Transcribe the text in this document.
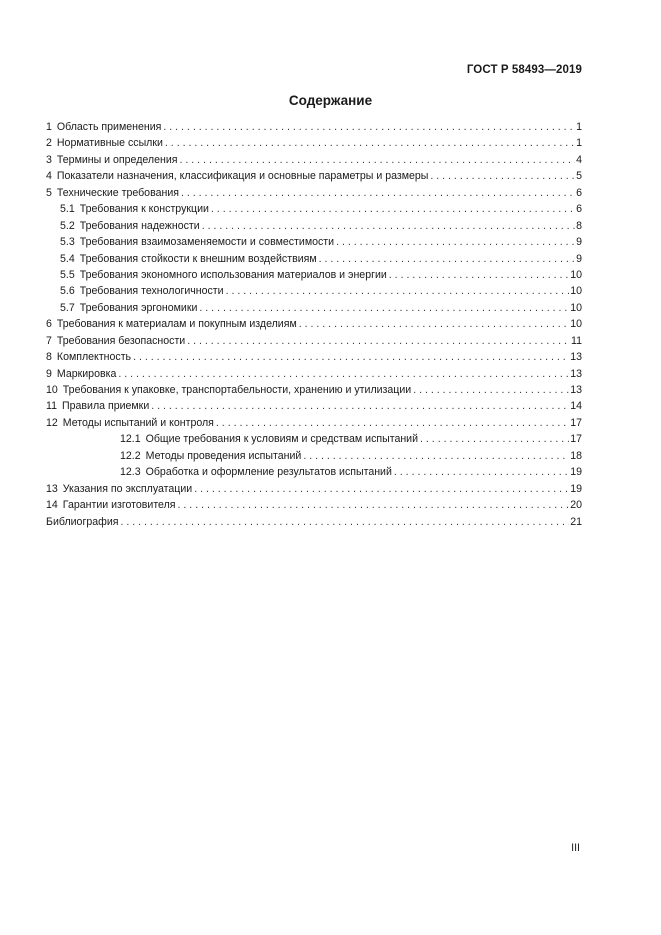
ГОСТ Р 58493—2019
Содержание
1 Область применения . . .	1
2 Нормативные ссылки . . .	1
3 Термины и определения . . .	4
4 Показатели назначения, классификация и основные параметры и размеры . . .	5
5 Технические требования . . .	6
5.1 Требования к конструкции . . .	6
5.2 Требования надежности . . .	8
5.3 Требования взаимозаменяемости и совместимости . . .	9
5.4 Требования стойкости к внешним воздействиям . . .	9
5.5 Требования экономного использования материалов и энергии . . .	10
5.6 Требования технологичности . . .	10
5.7 Требования эргономики . . .	10
6 Требования к материалам и покупным изделиям . . .	10
7 Требования безопасности . . .	11
8 Комплектность . . .	13
9 Маркировка . . .	13
10 Требования к упаковке, транспортабельности, хранению и утилизации . . .	13
11 Правила приемки . . .	14
12 Методы испытаний и контроля . . .	17
12.1 Общие требования к условиям и средствам испытаний . . .	17
12.2 Методы проведения испытаний . . .	18
12.3 Обработка и оформление результатов испытаний . . .	19
13 Указания по эксплуатации . . .	19
14 Гарантии изготовителя . . .	20
Библиография . . .	21
III
